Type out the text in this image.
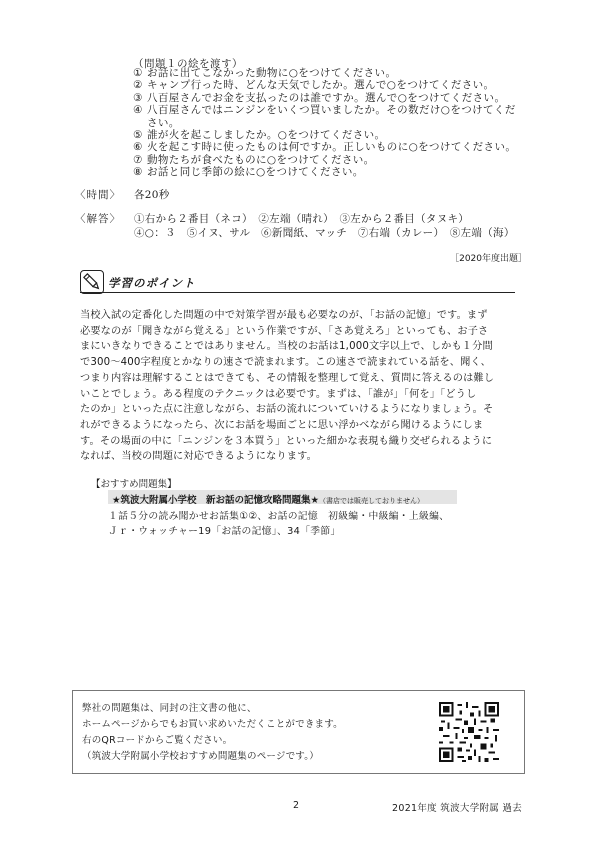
（問題１の絵を渡す）
① お話に出てこなかった動物に○をつけてください。
② キャンプ行った時、どんな天気でしたか。選んで○をつけてください。
③ 八百屋さんでお金を支払ったのは誰ですか。選んで○をつけてください。
④ 八百屋さんではニンジンをいくつ買いましたか。その数だけ○をつけてください。
⑤ 誰が火を起こしましたか。○をつけてください。
⑥ 火を起こす時に使ったものは何ですか。正しいものに○をつけてください。
⑦ 動物たちが食べたものに○をつけてください。
⑧ お話と同じ季節の絵に○をつけてください。
〈時間〉 各20秒
〈解答〉 ①右から２番目（ネコ）　②左端（晴れ）　③左から２番目（タヌキ）
④○：３　⑤イヌ、サル　⑥新聞紙、マッチ　⑦右端（カレー）　⑧左端（海）
［2020年度出題］
学習のポイント

当校入試の定番化した問題の中で対策学習が最も必要なのが、「お話の記憶」です。まず

必要なのが「聞きながら覚える」という作業ですが、「さあ覚えろ」といっても、お子さ

まにいきなりできることではありません。当校のお話は1,000文字以上で、しかも１分間

で300～400字程度とかなりの速さで読まれます。この速さで読まれている話を、聞く、

つまり内容は理解することはできても、その情報を整理して覚え、質問に答えるのは難し

いことでしょう。ある程度のテクニックは必要です。まずは、「誰が」「何を」「どうし

たのか」といった点に注意しながら、お話の流れについていけるようになりましょう。そ

れができるようになったら、次にお話を場面ごとに思い浮かべながら聞けるようにしま

す。その場面の中に「ニンジンを３本買う」といった細かな表現も織り交ぜられるように

なれば、当校の問題に対応できるようになります。

【おすすめ問題集】
★筑波大附属小学校　新お話の記憶攻略問題集★（書店では販売しておりません）
１話５分の読み聞かせお話集①②、お話の記憶　初級編・中級編・上級編、
Ｊｒ・ウォッチャー19「お話の記憶」、34「季節」
弊社の問題集は、同封の注文書の他に、
ホームページからでもお買い求めいただくことができます。
右のQRコードからご覧ください。
（筑波大学附属小学校おすすめ問題集のページです。）
2	2021年度 筑波大学附属 過去
